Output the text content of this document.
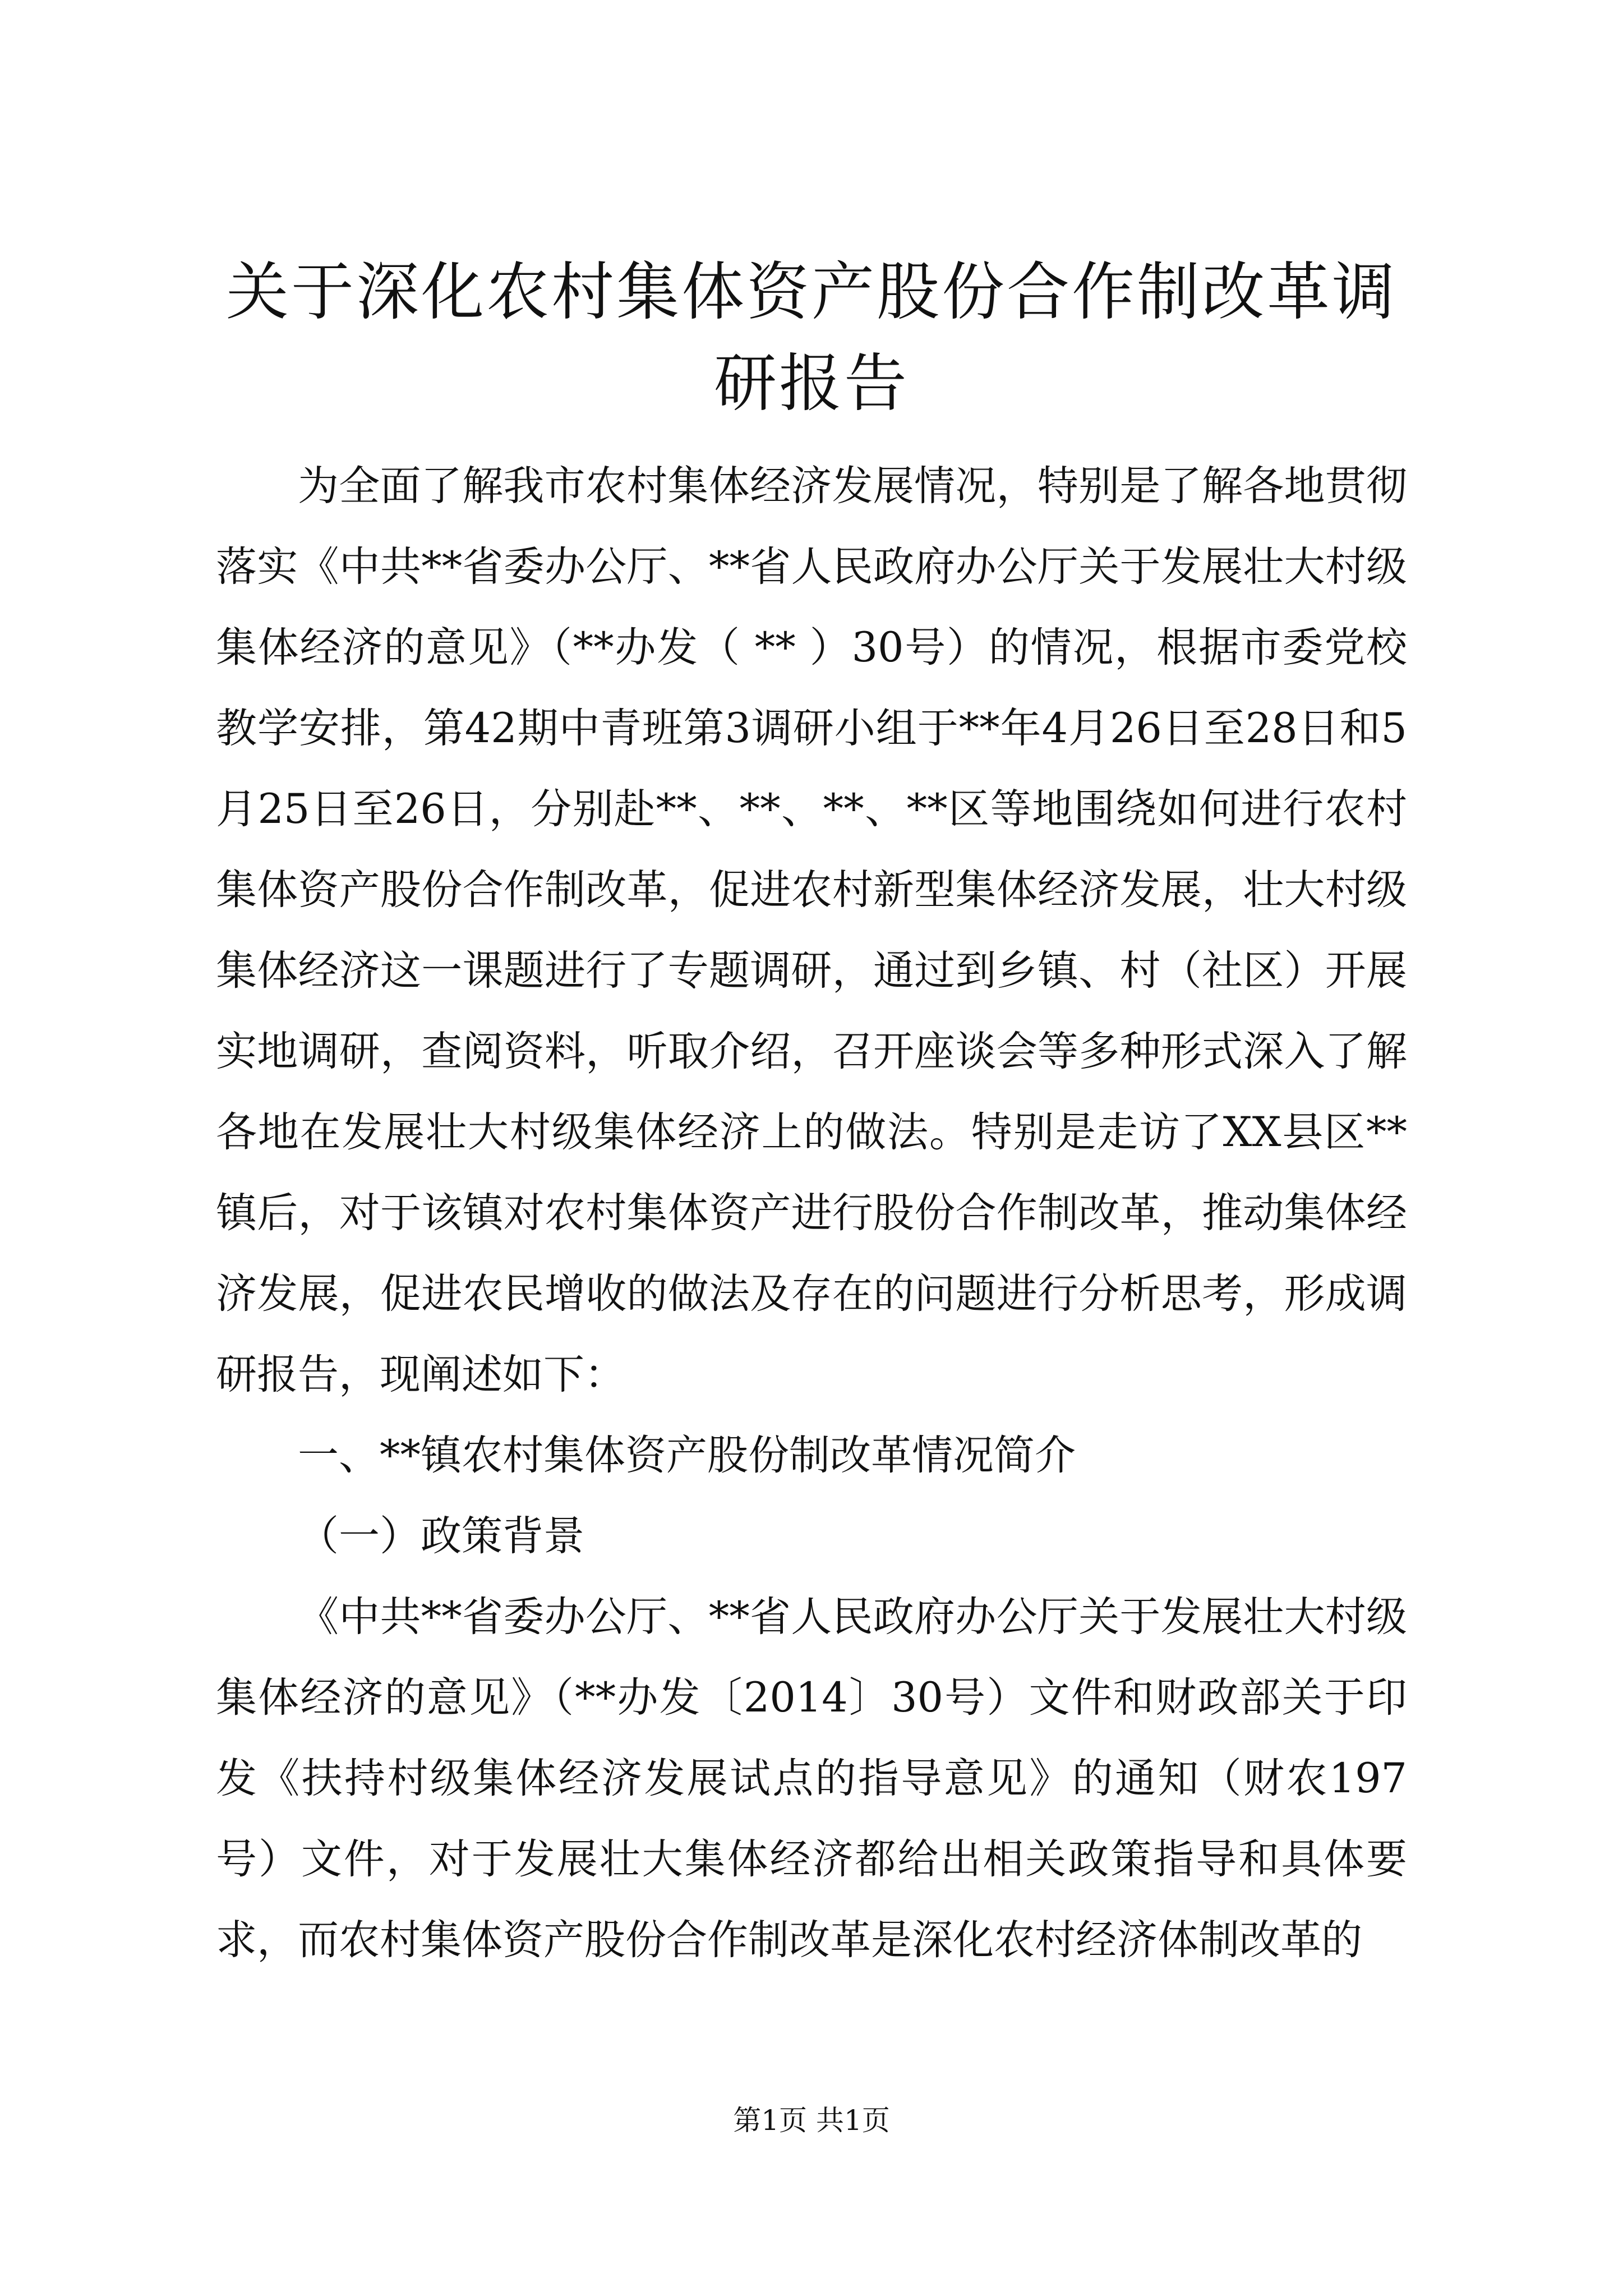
关于深化农村集体资产股份合作制改革调研报告

为全面了解我市农村集体经济发展情况，特别是了解各地贯彻落实《中共**省委办公厅、**省人民政府办公厅关于发展壮大村级集体经济的意见》（**办发（ ** ）30号）的情况，根据市委党校教学安排，第42期中青班第3调研小组于**年4月26日至28日和5月25日至26日，分别赴**、**、**、**区等地围绕如何进行农村集体资产股份合作制改革，促进农村新型集体经济发展，壮大村级集体经济这一课题进行了专题调研，通过到乡镇、村（社区）开展实地调研，查阅资料，听取介绍，召开座谈会等多种形式深入了解各地在发展壮大村级集体经济上的做法。特别是走访了XX县区**镇后，对于该镇对农村集体资产进行股份合作制改革，推动集体经济发展，促进农民增收的做法及存在的问题进行分析思考，形成调研报告，现阐述如下：

一、**镇农村集体资产股份制改革情况简介

（一）政策背景

《中共**省委办公厅、**省人民政府办公厅关于发展壮大村级集体经济的意见》（**办发〔2014〕30号）文件和财政部关于印发《扶持村级集体经济发展试点的指导意见》的通知（财农197号）文件，对于发展壮大集体经济都给出相关政策指导和具体要求，而农村集体资产股份合作制改革是深化农村经济体制改革的

第1页 共1页
